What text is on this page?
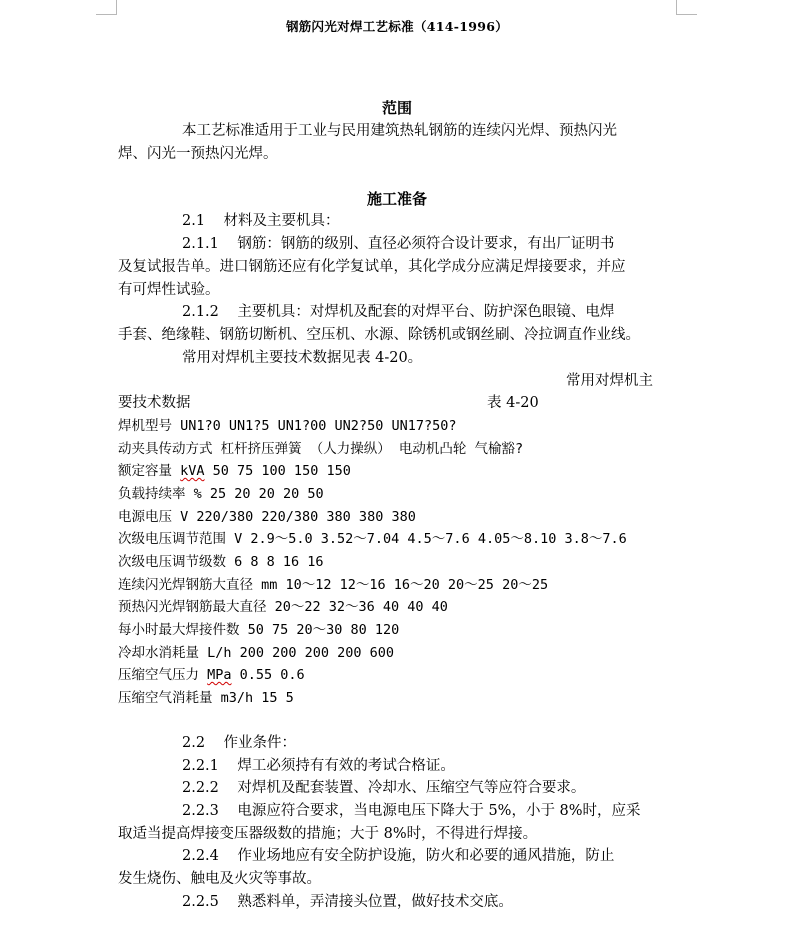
钢筋闪光对焊工艺标准（414-1996）
范围
本工艺标准适用于工业与民用建筑热轧钢筋的连续闪光焊、预热闪光
焊、闪光一预热闪光焊。
施工准备
2.1    材料及主要机具：
2.1.1    钢筋：钢筋的级别、直径必须符合设计要求，有出厂证明书
及复试报告单。进口钢筋还应有化学复试单，其化学成分应满足焊接要求，并应
有可焊性试验。
2.1.2    主要机具：对焊机及配套的对焊平台、防护深色眼镜、电焊
手套、绝缘鞋、钢筋切断机、空压机、水源、除锈机或钢丝刷、冷拉调直作业线。
常用对焊机主要技术数据见表 4-20。
常用对焊机主
要技术数据	表 4-20
焊机型号 UN1?0 UN1?5 UN1?00 UN2?50 UN17?50?
动夹具传动方式 杠杆挤压弹簧 （人力操纵） 电动机凸轮 气榆豁?
额定容量 kVA 50 75 100 150 150
负载持续率 % 25 20 20 20 50
电源电压 V 220/380 220/380 380 380 380
次级电压调节范围 V 2.9～5.0 3.52～7.04 4.5～7.6 4.05～8.10 3.8～7.6
次级电压调节级数 6 8 8 16 16
连续闪光焊钢筋大直径 mm 10～12 12～16 16～20 20～25 20～25
预热闪光焊钢筋最大直径 20～22 32～36 40 40 40
每小时最大焊接件数 50 75 20～30 80 120
冷却水消耗量 L/h 200 200 200 200 600
压缩空气压力 MPa 0.55 0.6
压缩空气消耗量 m3/h 15 5
2.2    作业条件：
2.2.1    焊工必须持有有效的考试合格证。
2.2.2    对焊机及配套装置、冷却水、压缩空气等应符合要求。
2.2.3    电源应符合要求，当电源电压下降大于 5%，小于 8%时，应采
取适当提高焊接变压器级数的措施；大于 8%时，不得进行焊接。
2.2.4    作业场地应有安全防护设施，防火和必要的通风措施，防止
发生烧伤、触电及火灾等事故。
2.2.5    熟悉料单，弄清接头位置，做好技术交底。
